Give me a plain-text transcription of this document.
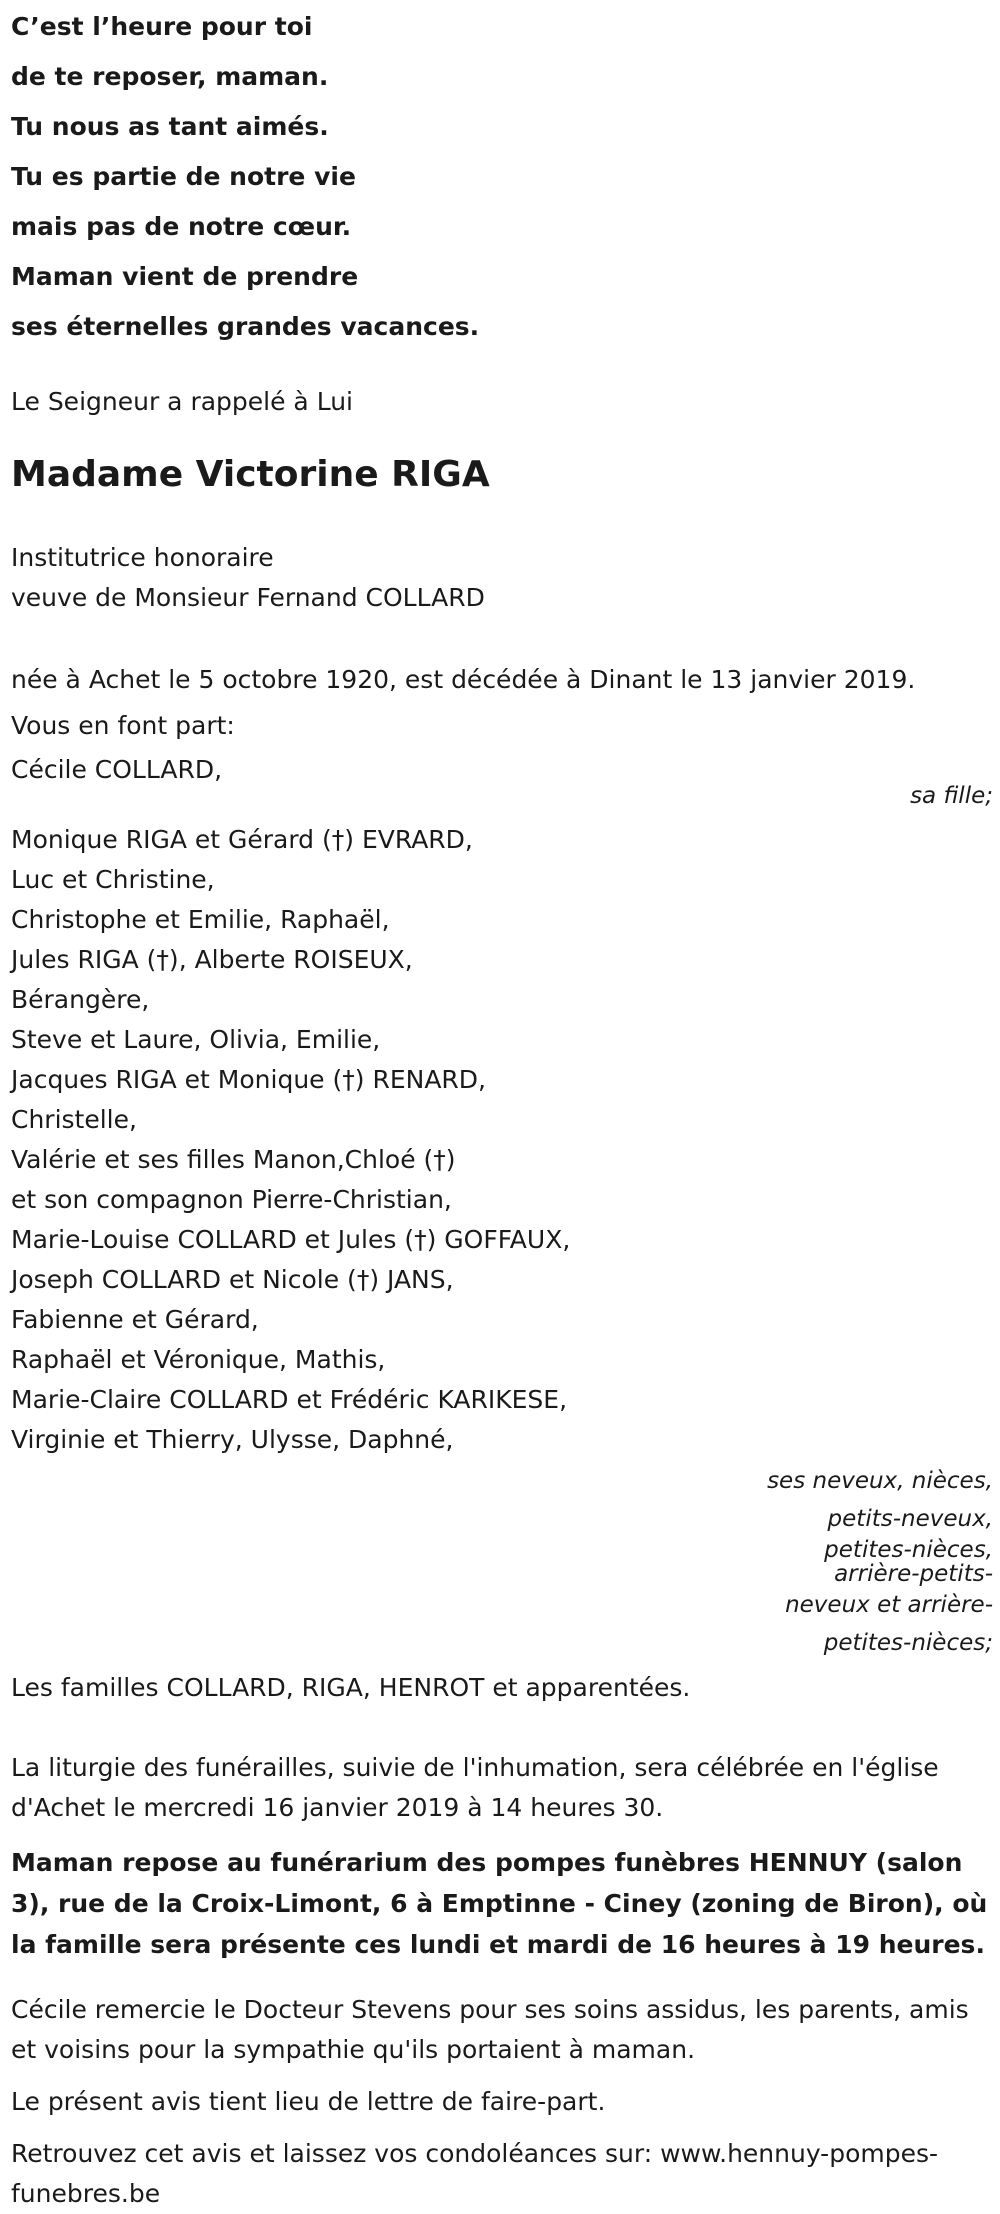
C’est l’heure pour toi
de te reposer, maman.
Tu nous as tant aimés.
Tu es partie de notre vie
mais pas de notre cœur.
Maman vient de prendre
ses éternelles grandes vacances.

Le Seigneur a rappelé à Lui

Madame Victorine RIGA

Institutrice honoraire

veuve de Monsieur Fernand COLLARD

née à Achet le 5 octobre 1920, est décédée à Dinant le 13 janvier 2019.

Vous en font part:

Cécile COLLARD,

sa fille;

Monique RIGA et Gérard (†) EVRARD,

Luc et Christine,

Christophe et Emilie, Raphaël,

Jules RIGA (†), Alberte ROISEUX,

Bérangère,

Steve et Laure, Olivia, Emilie,

Jacques RIGA et Monique (†) RENARD,

Christelle,

Valérie et ses filles Manon,Chloé (†)

et son compagnon Pierre-Christian,

Marie-Louise COLLARD et Jules (†) GOFFAUX,

Joseph COLLARD et Nicole (†) JANS,

Fabienne et Gérard,

Raphaël et Véronique, Mathis,

Marie-Claire COLLARD et Frédéric KARIKESE,

Virginie et Thierry, Ulysse, Daphné,

ses neveux, nièces,
petits-neveux,
petites-nièces,
arrière-petits-
neveux et arrière-
petites-nièces;

Les familles COLLARD, RIGA, HENROT et apparentées.

La liturgie des funérailles, suivie de l'inhumation, sera célébrée en l'église d'Achet le mercredi 16 janvier 2019 à 14 heures 30.

Maman repose au funérarium des pompes funèbres HENNUY (salon 3), rue de la Croix-Limont, 6 à Emptinne - Ciney (zoning de Biron), où la famille sera présente ces lundi et mardi de 16 heures à 19 heures.

Cécile remercie le Docteur Stevens pour ses soins assidus, les parents, amis et voisins pour la sympathie qu'ils portaient à maman.

Le présent avis tient lieu de lettre de faire-part.

Retrouvez cet avis et laissez vos condoléances sur: www.hennuy-pompes-funebres.be
